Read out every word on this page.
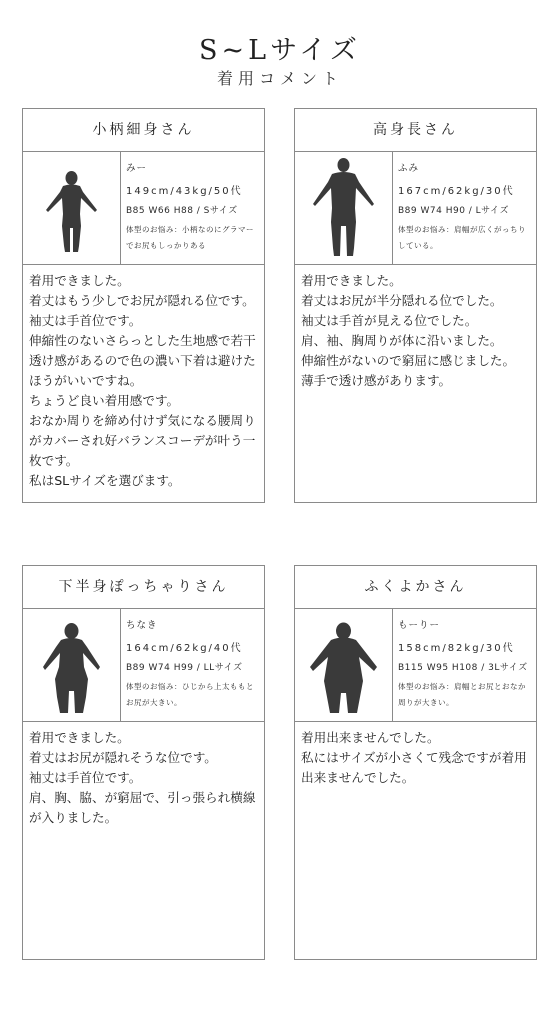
S~Lサイズ
着用コメント
小柄細身さん
みー
149cm/43kg/50代
B85 W66 H88 / Sサイズ
体型のお悩み：小柄なのにグラマーでお尻もしっかりある
着用できました。
着丈はもう少しでお尻が隠れる位です。袖丈は手首位です。
伸縮性のないさらっとした生地感で若干透け感があるので色の濃い下着は避けたほうがいいですね。
ちょうど良い着用感です。
おなか周りを締め付けず気になる腰周りがカバーされ好バランスコーデが叶う一枚です。
私はSLサイズを選びます。
高身長さん
ふみ
167cm/62kg/30代
B89 W74 H90 / Lサイズ
体型のお悩み：肩幅が広くがっちりしている。
着用できました。
着丈はお尻が半分隠れる位でした。
袖丈は手首が見える位でした。
肩、袖、胸周りが体に沿いました。
伸縮性がないので窮屈に感じました。
薄手で透け感があります。
下半身ぽっちゃりさん
ちなき
164cm/62kg/40代
B89 W74 H99 / LLサイズ
体型のお悩み：ひじから上太ももとお尻が大きい。
着用できました。
着丈はお尻が隠れそうな位です。
袖丈は手首位です。
肩、胸、脇、が窮屈で、引っ張られ横線が入りました。
ふくよかさん
もーりー
158cm/82kg/30代
B115 W95 H108 / 3Lサイズ
体型のお悩み：肩幅とお尻とおなか周りが大きい。
着用出来ませんでした。
私にはサイズが小さくて残念ですが着用出来ませんでした。
